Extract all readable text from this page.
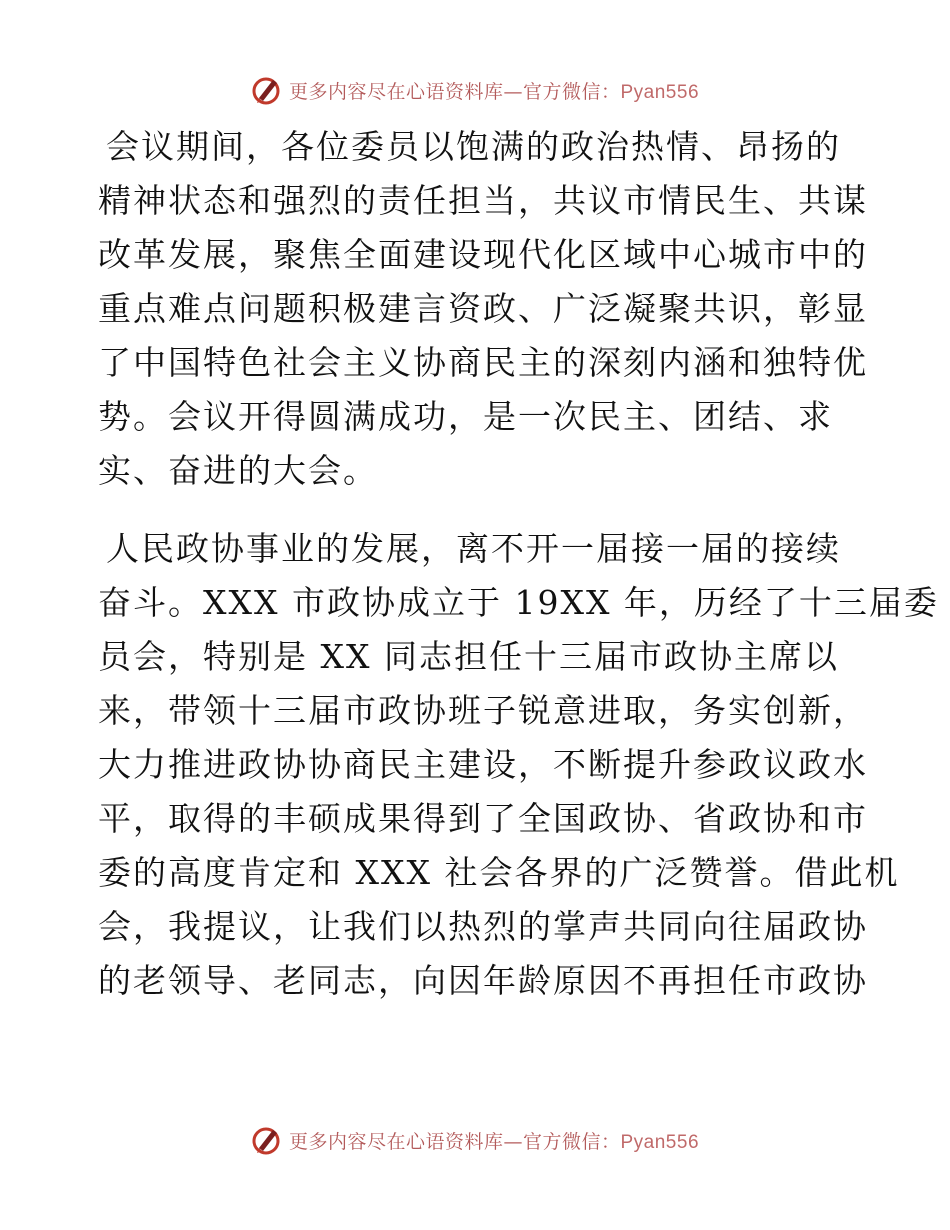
更多内容尽在心语资料库—官方微信：Pyan556
会议期间，各位委员以饱满的政治热情、昂扬的
精神状态和强烈的责任担当，共议市情民生、共谋
改革发展，聚焦全面建设现代化区域中心城市中的
重点难点问题积极建言资政、广泛凝聚共识，彰显
了中国特色社会主义协商民主的深刻内涵和独特优
势。会议开得圆满成功，是一次民主、团结、求
实、奋进的大会。
人民政协事业的发展，离不开一届接一届的接续
奋斗。XXX 市政协成立于 19XX 年，历经了十三届委
员会，特别是 XX 同志担任十三届市政协主席以
来，带领十三届市政协班子锐意进取，务实创新，
大力推进政协协商民主建设，不断提升参政议政水
平，取得的丰硕成果得到了全国政协、省政协和市
委的高度肯定和 XXX 社会各界的广泛赞誉。借此机
会，我提议，让我们以热烈的掌声共同向往届政协
的老领导、老同志，向因年龄原因不再担任市政协
更多内容尽在心语资料库—官方微信：Pyan556
